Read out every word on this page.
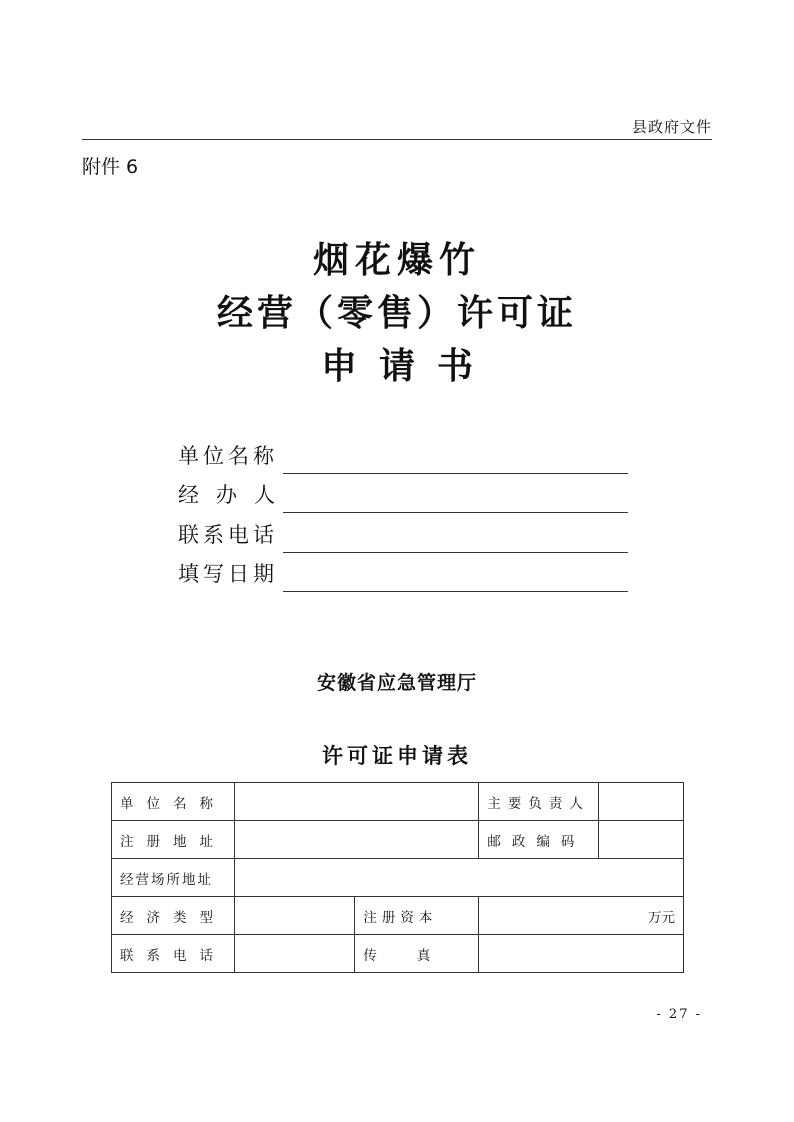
县政府文件
附件 6
烟花爆竹
经营（零售）许可证
申请书
单位名称
经办人
联系电话
填写日期
安徽省应急管理厅
许可证申请表
单位名称			主要负责人	
注册地址			邮政编码	
经营场所地址				
经济类型		注册资本	万元	
联系电话		传真		
- 27 -
